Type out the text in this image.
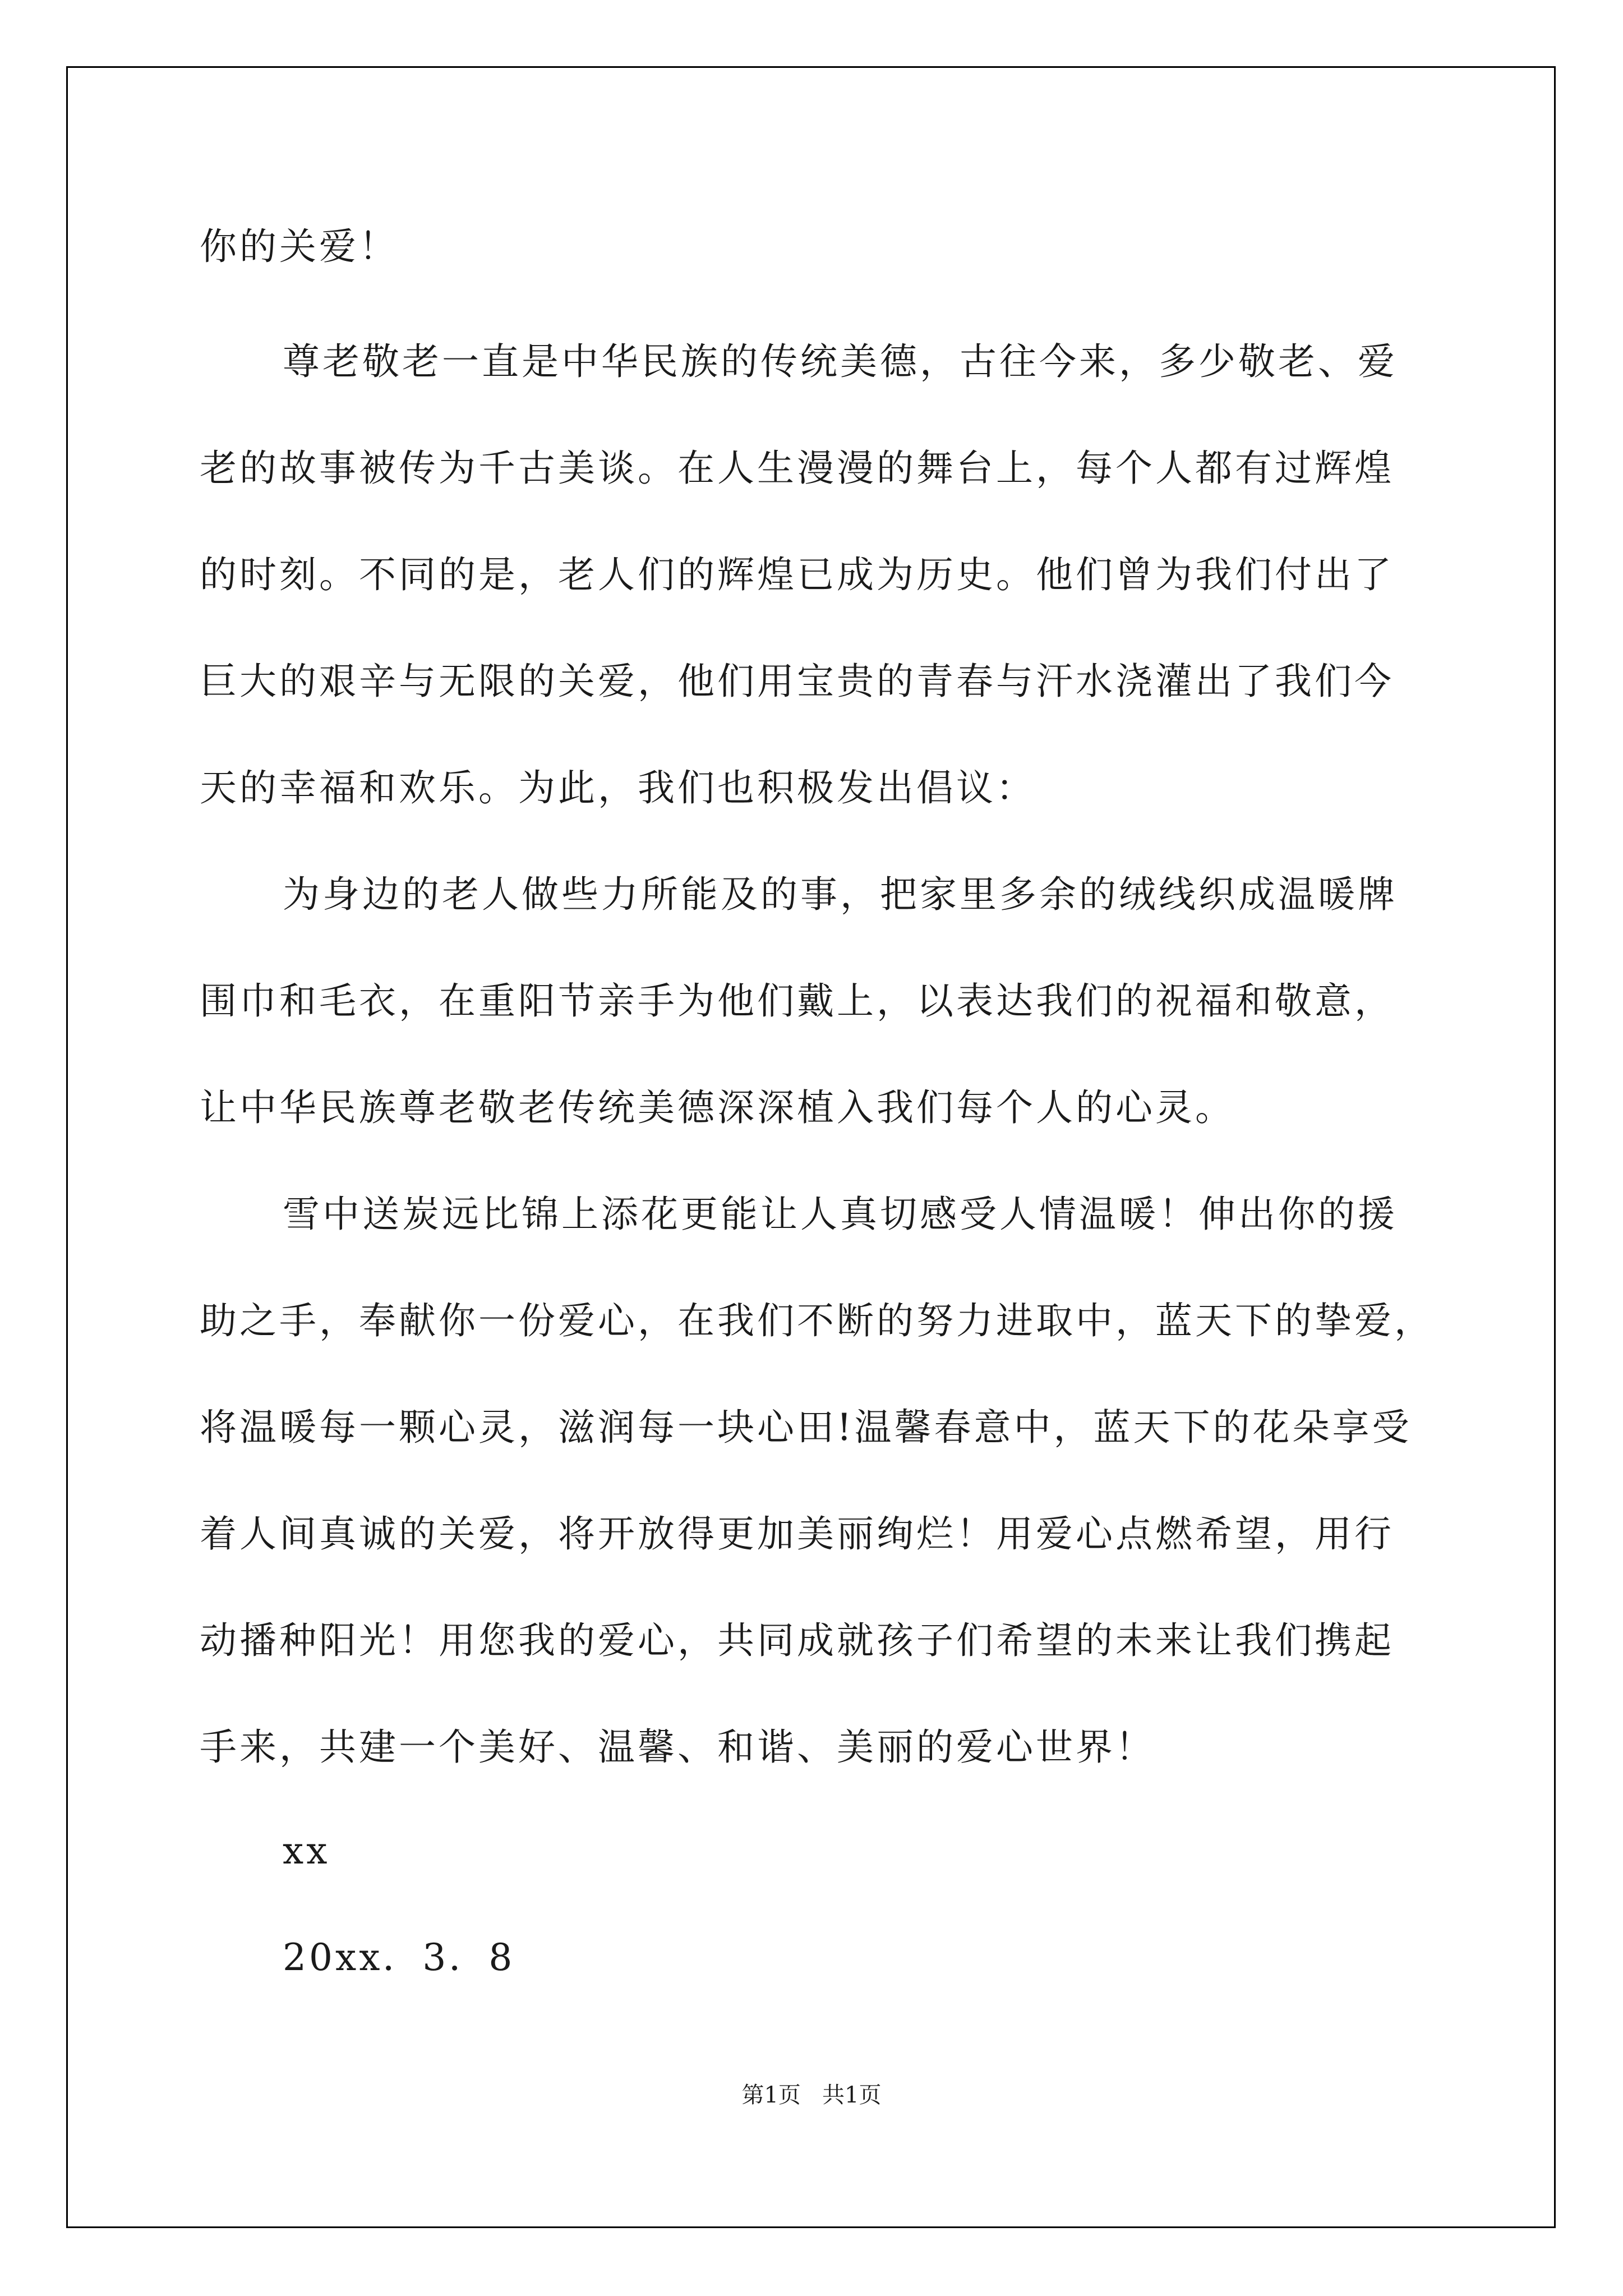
你的关爱！
尊老敬老一直是中华民族的传统美德，古往今来，多少敬老、爱
老的故事被传为千古美谈。在人生漫漫的舞台上，每个人都有过辉煌
的时刻。不同的是，老人们的辉煌已成为历史。他们曾为我们付出了
巨大的艰辛与无限的关爱，他们用宝贵的青春与汗水浇灌出了我们今
天的幸福和欢乐。为此，我们也积极发出倡议：
为身边的老人做些力所能及的事，把家里多余的绒线织成温暖牌
围巾和毛衣，在重阳节亲手为他们戴上，以表达我们的祝福和敬意，
让中华民族尊老敬老传统美德深深植入我们每个人的心灵。
雪中送炭远比锦上添花更能让人真切感受人情温暖！伸出你的援
助之手，奉献你一份爱心，在我们不断的努力进取中，蓝天下的挚爱，
将温暖每一颗心灵，滋润每一块心田!温馨春意中，蓝天下的花朵享受
着人间真诚的关爱，将开放得更加美丽绚烂！用爱心点燃希望，用行
动播种阳光！用您我的爱心，共同成就孩子们希望的未来让我们携起
手来，共建一个美好、温馨、和谐、美丽的爱心世界！
xx
20xx．3．8
第1页   共1页
